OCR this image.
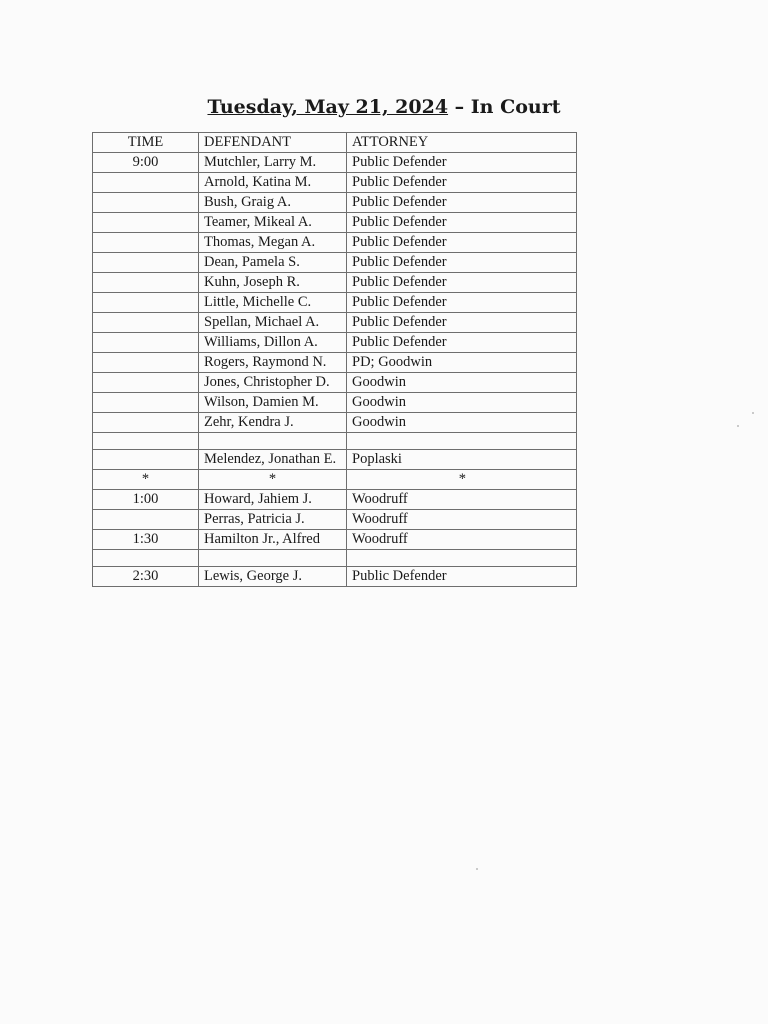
Tuesday, May 21, 2024 – In Court
TIME	DEFENDANT	ATTORNEY
9:00	Mutchler, Larry M.	Public Defender
	Arnold, Katina M.	Public Defender
	Bush, Graig A.	Public Defender
	Teamer, Mikeal A.	Public Defender
	Thomas, Megan A.	Public Defender
	Dean, Pamela S.	Public Defender
	Kuhn, Joseph R.	Public Defender
	Little, Michelle C.	Public Defender
	Spellan, Michael A.	Public Defender
	Williams, Dillon A.	Public Defender
	Rogers, Raymond N.	PD; Goodwin
	Jones, Christopher D.	Goodwin
	Wilson, Damien M.	Goodwin
	Zehr, Kendra J.	Goodwin

	Melendez, Jonathan E.	Poplaski
*	*	*
1:00	Howard, Jahiem J.	Woodruff
	Perras, Patricia J.	Woodruff
1:30	Hamilton Jr., Alfred	Woodruff

2:30	Lewis, George J.	Public Defender
